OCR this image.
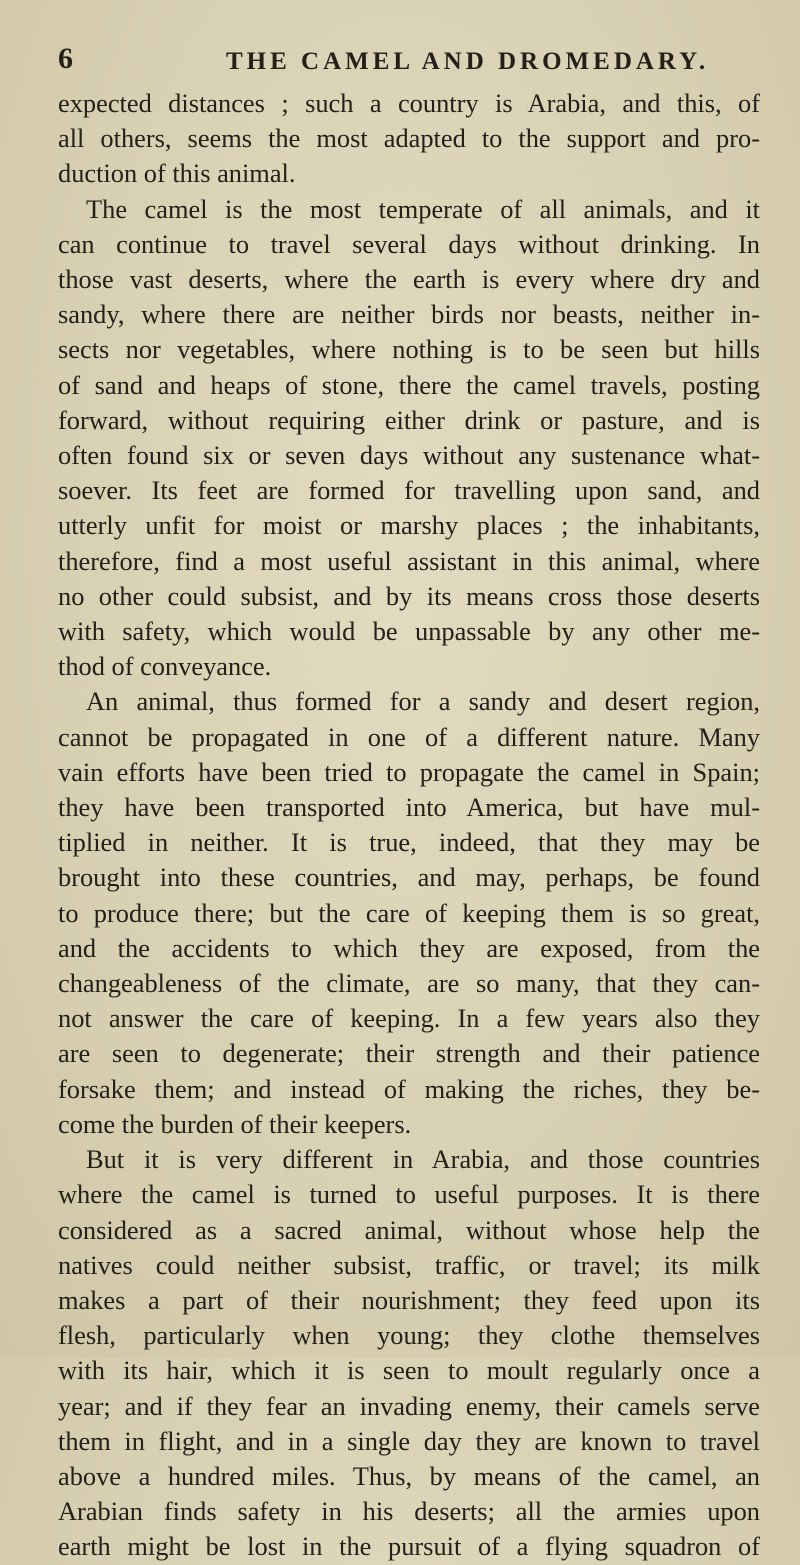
6	THE CAMEL AND DROMEDARY.
expected distances ; such a country is Arabia, and this, of
all others, seems the most adapted to the support and pro-
duction of this animal.
The camel is the most temperate of all animals, and it
can continue to travel several days without drinking. In
those vast deserts, where the earth is every where dry and
sandy, where there are neither birds nor beasts, neither in-
sects nor vegetables, where nothing is to be seen but hills
of sand and heaps of stone, there the camel travels, posting
forward, without requiring either drink or pasture, and is
often found six or seven days without any sustenance what-
soever. Its feet are formed for travelling upon sand, and
utterly unfit for moist or marshy places ; the inhabitants,
therefore, find a most useful assistant in this animal, where
no other could subsist, and by its means cross those deserts
with safety, which would be unpassable by any other me-
thod of conveyance.
An animal, thus formed for a sandy and desert region,
cannot be propagated in one of a different nature. Many
vain efforts have been tried to propagate the camel in Spain;
they have been transported into America, but have mul-
tiplied in neither. It is true, indeed, that they may be
brought into these countries, and may, perhaps, be found
to produce there; but the care of keeping them is so great,
and the accidents to which they are exposed, from the
changeableness of the climate, are so many, that they can-
not answer the care of keeping. In a few years also they
are seen to degenerate; their strength and their patience
forsake them; and instead of making the riches, they be-
come the burden of their keepers.
But it is very different in Arabia, and those countries
where the camel is turned to useful purposes. It is there
considered as a sacred animal, without whose help the
natives could neither subsist, traffic, or travel; its milk
makes a part of their nourishment; they feed upon its
flesh, particularly when young; they clothe themselves
with its hair, which it is seen to moult regularly once a
year; and if they fear an invading enemy, their camels serve
them in flight, and in a single day they are known to travel
above a hundred miles. Thus, by means of the camel, an
Arabian finds safety in his deserts; all the armies upon
earth might be lost in the pursuit of a flying squadron of
